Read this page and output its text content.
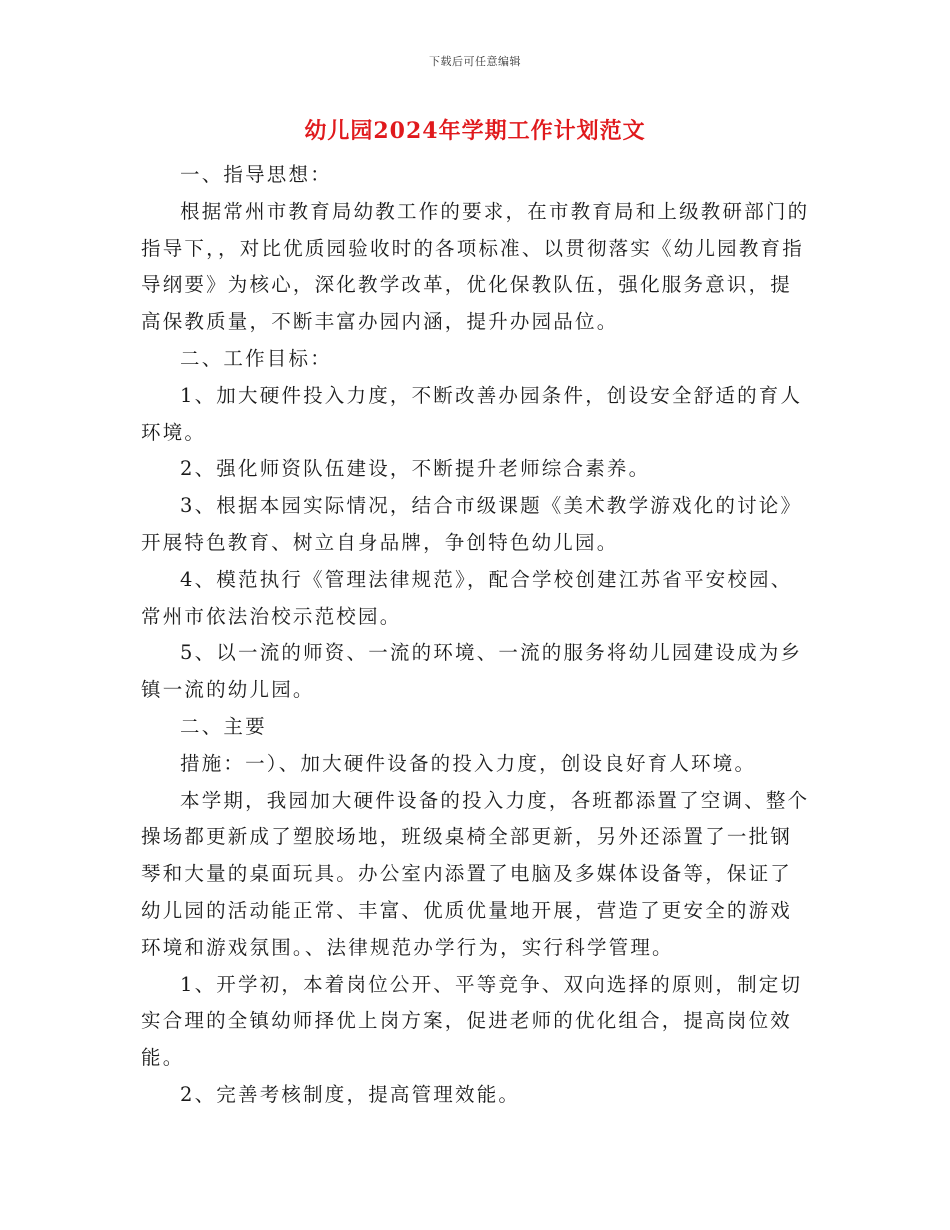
下载后可任意编辑
幼儿园2024年学期工作计划范文

一、指导思想：

根据常州市教育局幼教工作的要求，在市教育局和上级教研部门的指导下，，对比优质园验收时的各项标准、以贯彻落实《幼儿园教育指导纲要》为核心，深化教学改革，优化保教队伍，强化服务意识，提高保教质量，不断丰富办园内涵，提升办园品位。

二、工作目标：

1、加大硬件投入力度，不断改善办园条件，创设安全舒适的育人环境。

2、强化师资队伍建设，不断提升老师综合素养。

3、根据本园实际情况，结合市级课题《美术教学游戏化的讨论》开展特色教育、树立自身品牌，争创特色幼儿园。

4、模范执行《管理法律规范》，配合学校创建江苏省平安校园、常州市依法治校示范校园。

5、以一流的师资、一流的环境、一流的服务将幼儿园建设成为乡镇一流的幼儿园。

二、主要

措施：一）、加大硬件设备的投入力度，创设良好育人环境。

本学期，我园加大硬件设备的投入力度，各班都添置了空调、整个操场都更新成了塑胶场地，班级桌椅全部更新，另外还添置了一批钢琴和大量的桌面玩具。办公室内添置了电脑及多媒体设备等，保证了幼儿园的活动能正常、丰富、优质优量地开展，营造了更安全的游戏环境和游戏氛围。、法律规范办学行为，实行科学管理。

1、开学初，本着岗位公开、平等竞争、双向选择的原则，制定切实合理的全镇幼师择优上岗方案，促进老师的优化组合，提高岗位效能。

2、完善考核制度，提高管理效能。
